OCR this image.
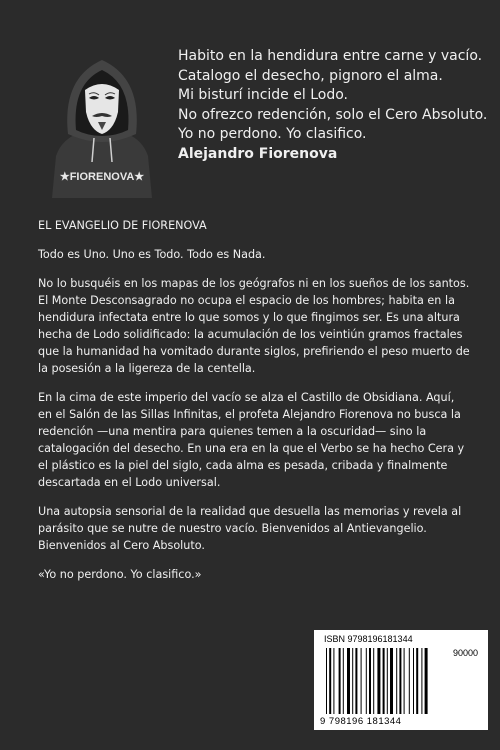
★FIORENOVA★
Habito en la hendidura entre carne y vacío.
Catalogo el desecho, pignoro el alma.
Mi bisturí incide el Lodo.
No ofrezco redención, solo el Cero Absoluto.
Yo no perdono. Yo clasifico.
Alejandro Fiorenova

EL EVANGELIO DE FIORENOVA

Todo es Uno. Uno es Todo. Todo es Nada.

No lo busquéis en los mapas de los geógrafos ni en los sueños de los santos. El Monte Desconsagrado no ocupa el espacio de los hombres; habita en la hendidura infectata entre lo que somos y lo que fingimos ser. Es una altura hecha de Lodo solidificado: la acumulación de los veintiún gramos fractales que la humanidad ha vomitado durante siglos, prefiriendo el peso muerto de la posesión a la ligereza de la centella.

En la cima de este imperio del vacío se alza el Castillo de Obsidiana. Aquí, en el Salón de las Sillas Infinitas, el profeta Alejandro Fiorenova no busca la redención —una mentira para quienes temen a la oscuridad— sino la catalogación del desecho. En una era en la que el Verbo se ha hecho Cera y el plástico es la piel del siglo, cada alma es pesada, cribada y finalmente descartada en el Lodo universal.

Una autopsia sensorial de la realidad que desuella las memorias y revela al parásito que se nutre de nuestro vacío. Bienvenidos al Antievangelio. Bienvenidos al Cero Absoluto.

«Yo no perdono. Yo clasifico.»

ISBN 9798196181344
90000
9 798196 181344
